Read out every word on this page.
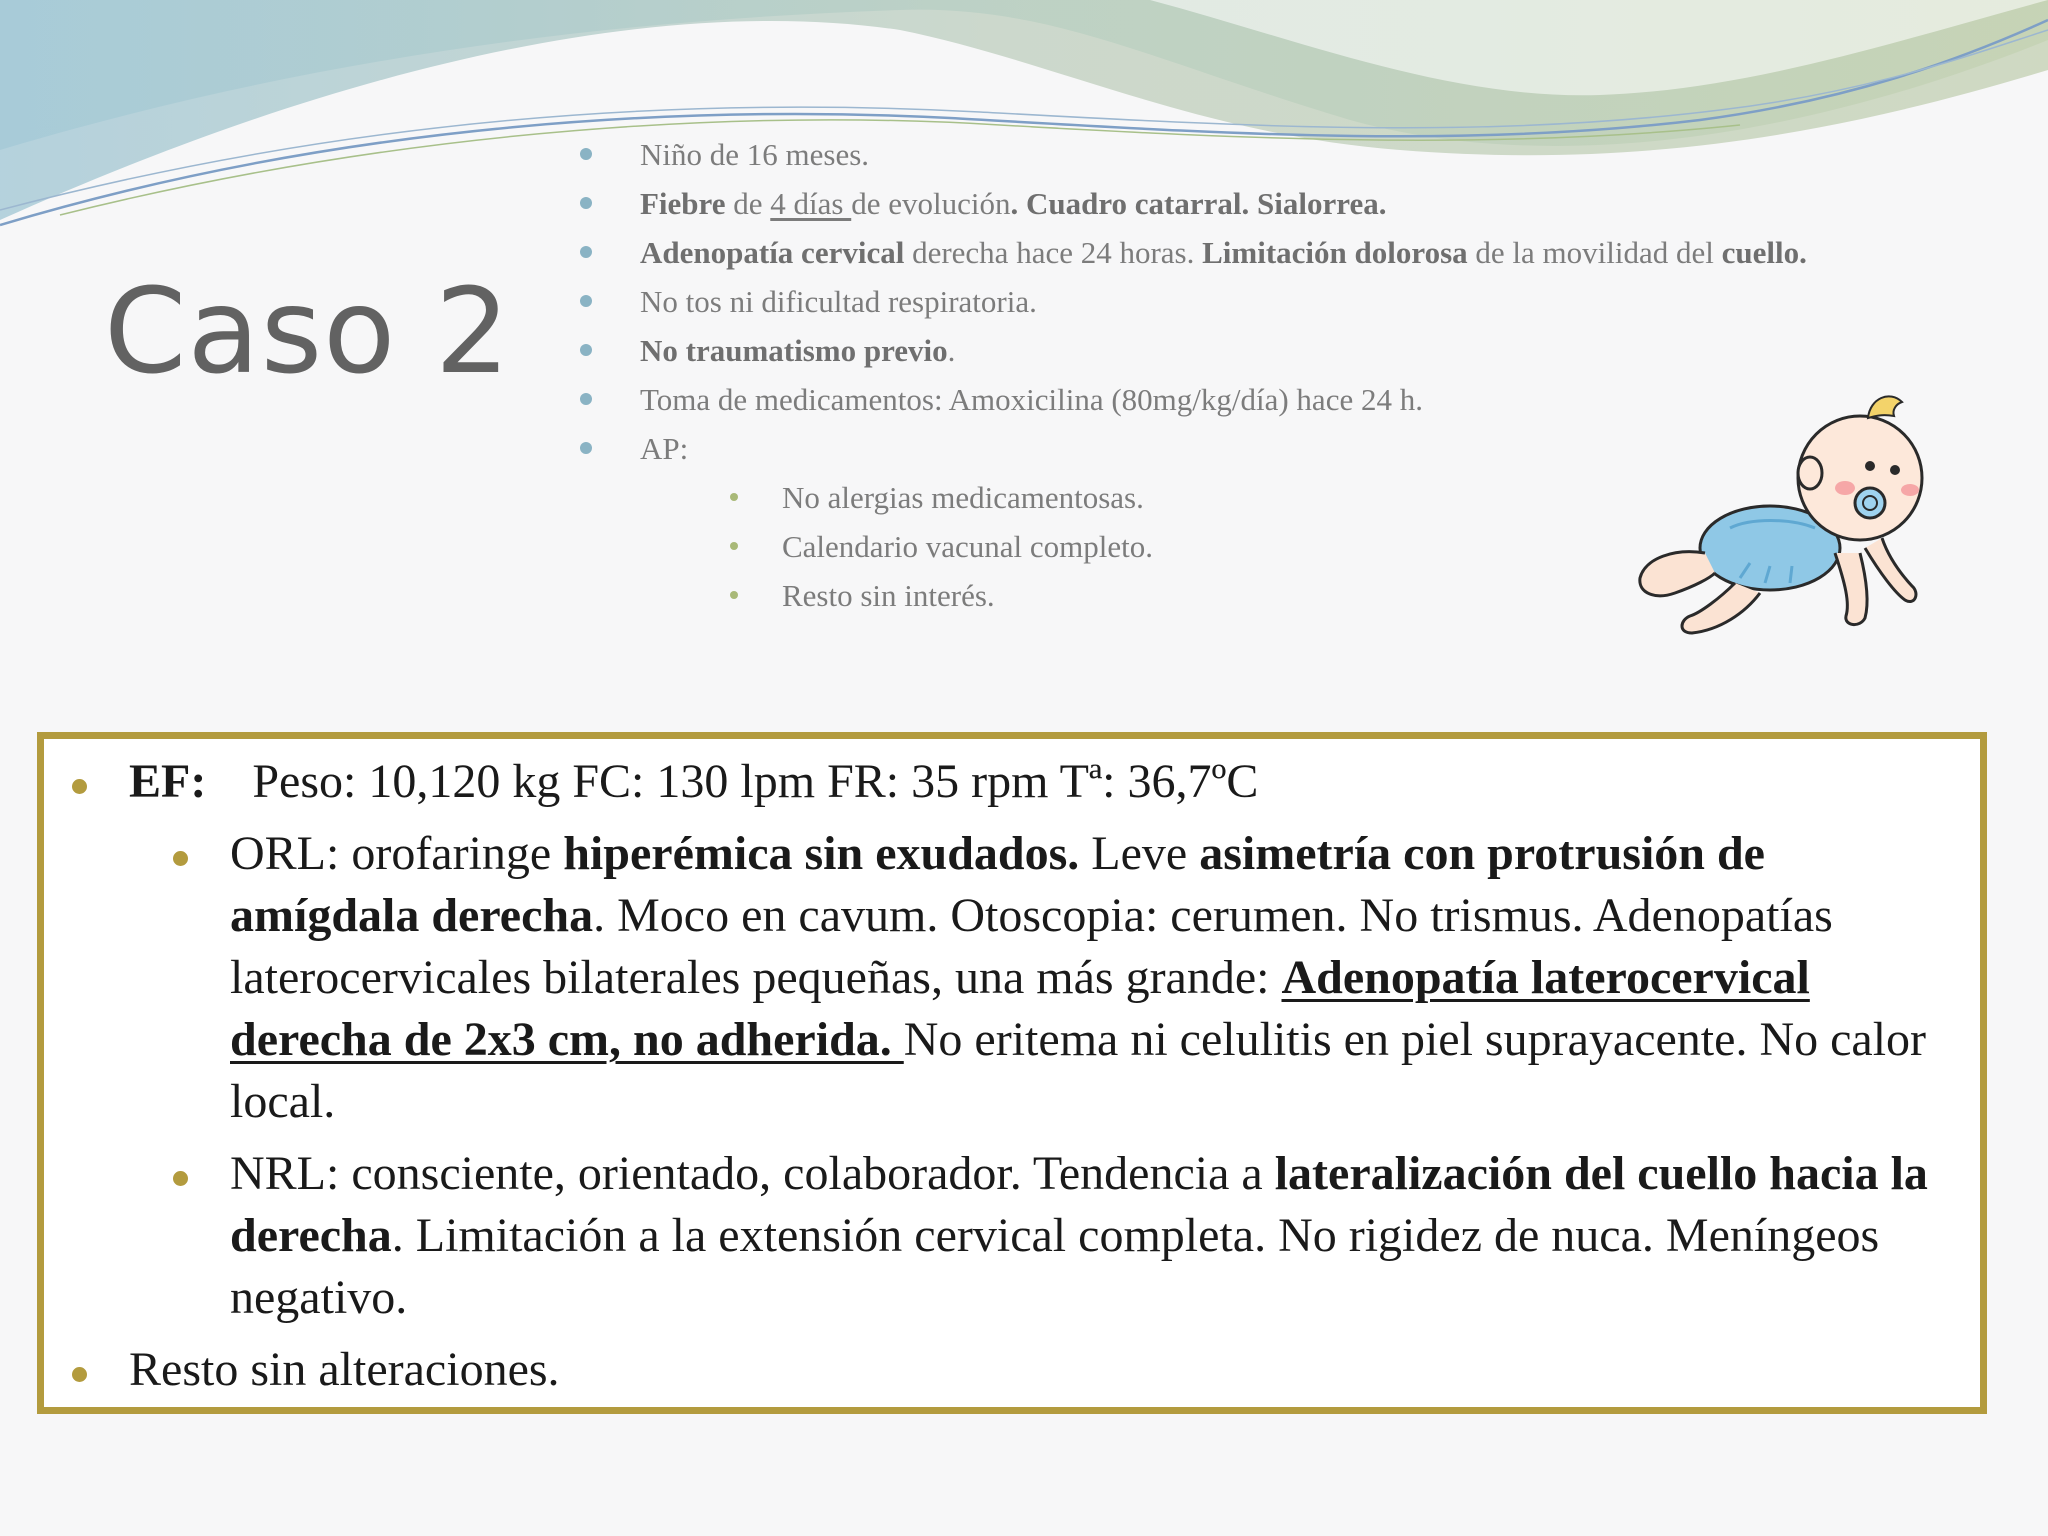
Caso 2
Niño de 16 meses.
Fiebre de 4 días de evolución. Cuadro catarral. Sialorrea.
Adenopatía cervical derecha hace 24 horas. Limitación dolorosa de la movilidad del cuello.
No tos ni dificultad respiratoria.
No traumatismo previo.
Toma de medicamentos: Amoxicilina (80mg/kg/día) hace 24 h.
AP:
No alergias medicamentosas.
Calendario vacunal completo.
Resto sin interés.
EF: Peso: 10,120 kg FC: 130 lpm FR: 35 rpm Tª: 36,7ºC
ORL: orofaringe hiperémica sin exudados. Leve asimetría con protrusión de amígdala derecha. Moco en cavum. Otoscopia: cerumen. No trismus. Adenopatías laterocervicales bilaterales pequeñas, una más grande: Adenopatía laterocervical derecha de 2x3 cm, no adherida. No eritema ni celulitis en piel suprayacente. No calor local.
NRL: consciente, orientado, colaborador. Tendencia a lateralización del cuello hacia la derecha. Limitación a la extensión cervical completa. No rigidez de nuca. Meníngeos negativo.
Resto sin alteraciones.
